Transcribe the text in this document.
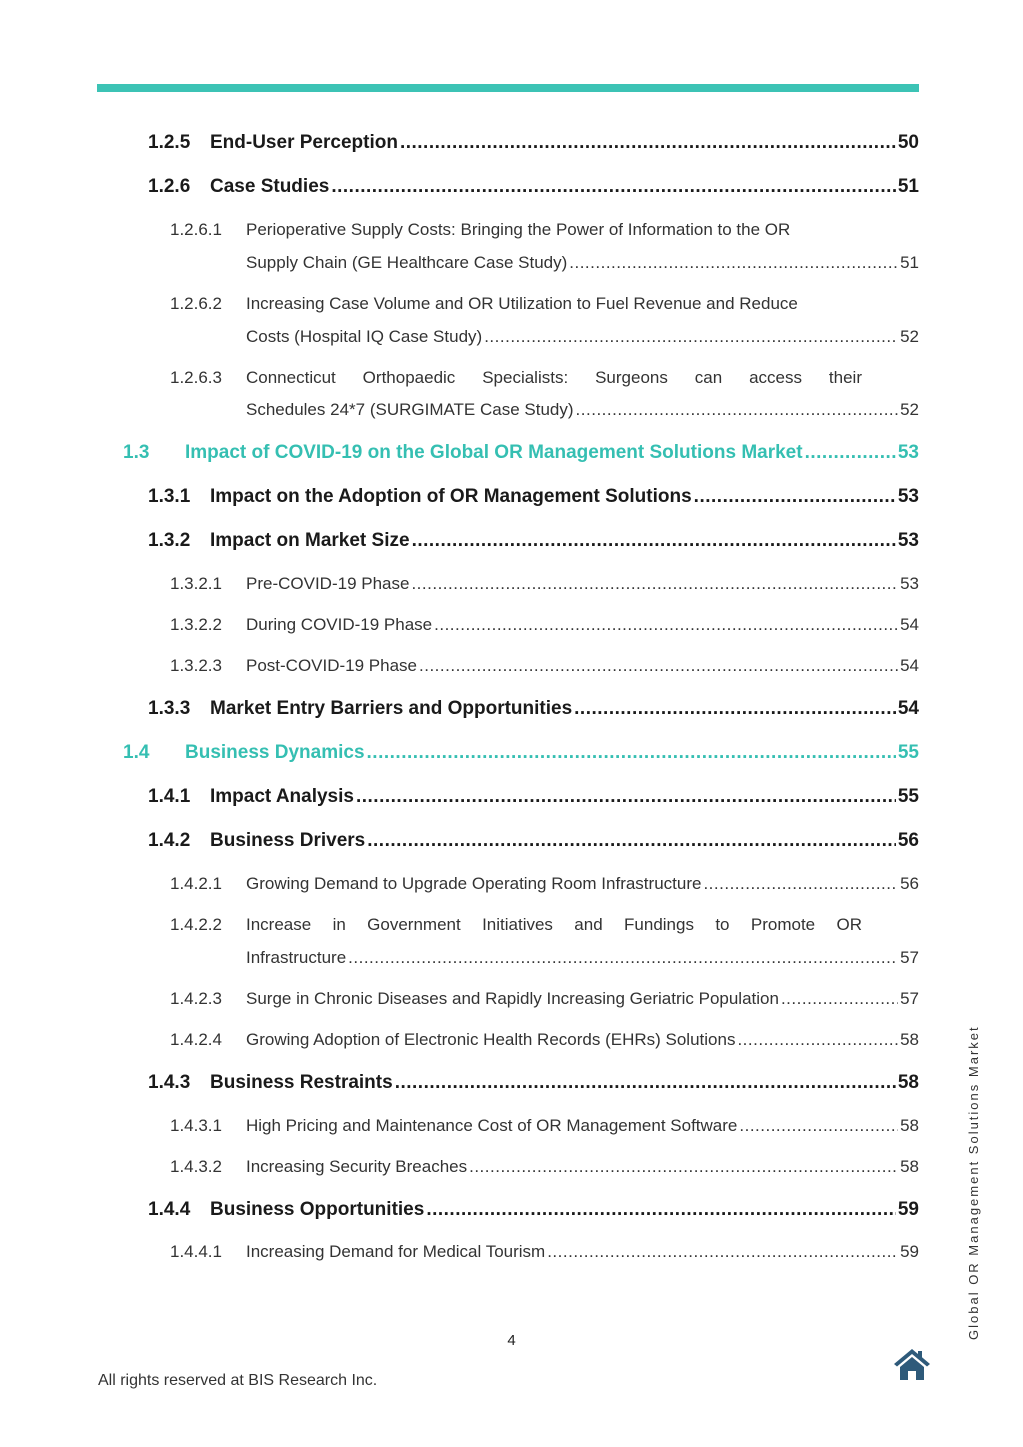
1.2.5	End-User Perception .....	50
1.2.6	Case Studies .....	51
1.2.6.1	Perioperative Supply Costs: Bringing the Power of Information to the OR
Supply Chain (GE Healthcare Case Study) .....	51
1.2.6.2	Increasing Case Volume and OR Utilization to Fuel Revenue and Reduce
Costs (Hospital IQ Case Study) .....	52
1.2.6.3	Connecticut Orthopaedic Specialists: Surgeons can access their
Schedules 24*7 (SURGIMATE Case Study) .....	52
1.3	Impact of COVID-19 on the Global OR Management Solutions Market .....	53
1.3.1	Impact on the Adoption of OR Management Solutions .....	53
1.3.2	Impact on Market Size .....	53
1.3.2.1	Pre-COVID-19 Phase .....	53
1.3.2.2	During COVID-19 Phase .....	54
1.3.2.3	Post-COVID-19 Phase .....	54
1.3.3	Market Entry Barriers and Opportunities .....	54
1.4	Business Dynamics .....	55
1.4.1	Impact Analysis .....	55
1.4.2	Business Drivers .....	56
1.4.2.1	Growing Demand to Upgrade Operating Room Infrastructure .....	56
1.4.2.2	Increase in Government Initiatives and Fundings to Promote OR
Infrastructure .....	57
1.4.2.3	Surge in Chronic Diseases and Rapidly Increasing Geriatric Population .....	57
1.4.2.4	Growing Adoption of Electronic Health Records (EHRs) Solutions .....	58
1.4.3	Business Restraints .....	58
1.4.3.1	High Pricing and Maintenance Cost of OR Management Software .....	58
1.4.3.2	Increasing Security Breaches .....	58
1.4.4	Business Opportunities .....	59
1.4.4.1	Increasing Demand for Medical Tourism .....	59	Global OR Management Solutions Market
4
All rights reserved at BIS Research Inc.
